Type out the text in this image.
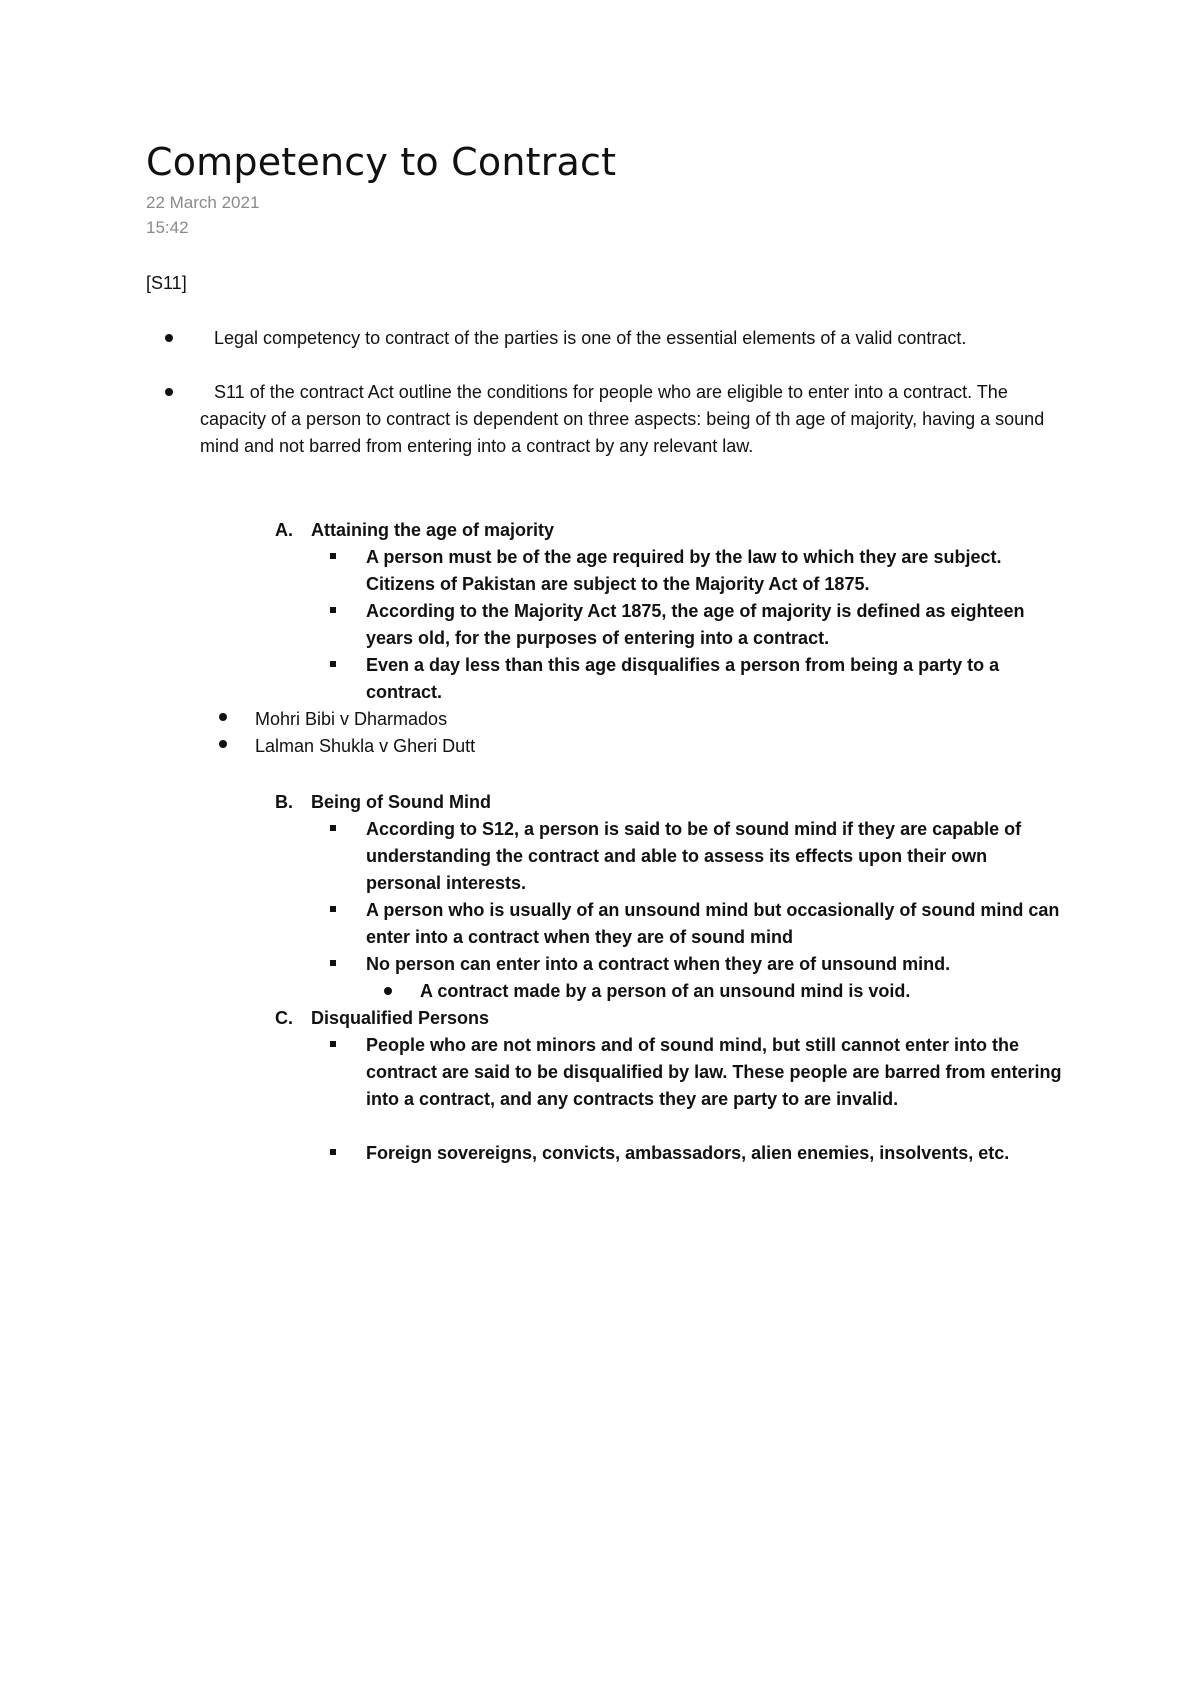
Competency to Contract
22 March 2021
15:42
[S11]
Legal competency to contract of the parties is one of the essential elements of a valid contract.
S11 of the contract Act outline the conditions for people who are eligible to enter into a contract. The capacity of a person to contract is dependent on three aspects: being of th age of majority, having a sound mind and not barred from entering into a contract by any relevant law.
A. Attaining the age of majority
A person must be of the age required by the law to which they are subject. Citizens of Pakistan are subject to the Majority Act of 1875.
According to the Majority Act 1875, the age of majority is defined as eighteen years old, for the purposes of entering into a contract.
Even a day less than this age disqualifies a person from being a party to a contract.
Mohri Bibi v Dharmados
Lalman Shukla v Gheri Dutt
B. Being of Sound Mind
According to S12, a person is said to be of sound mind if they are capable of understanding the contract and able to assess its effects upon their own personal interests.
A person who is usually of an unsound mind but occasionally of sound mind can enter into a contract when they are of sound mind
No person can enter into a contract when they are of unsound mind.
A contract made by a person of an unsound mind is void.
C. Disqualified Persons
People who are not minors and of sound mind, but still cannot enter into the contract are said to be disqualified by law. These people are barred from entering into a contract, and any contracts they are party to are invalid.
Foreign sovereigns, convicts, ambassadors, alien enemies, insolvents, etc.
